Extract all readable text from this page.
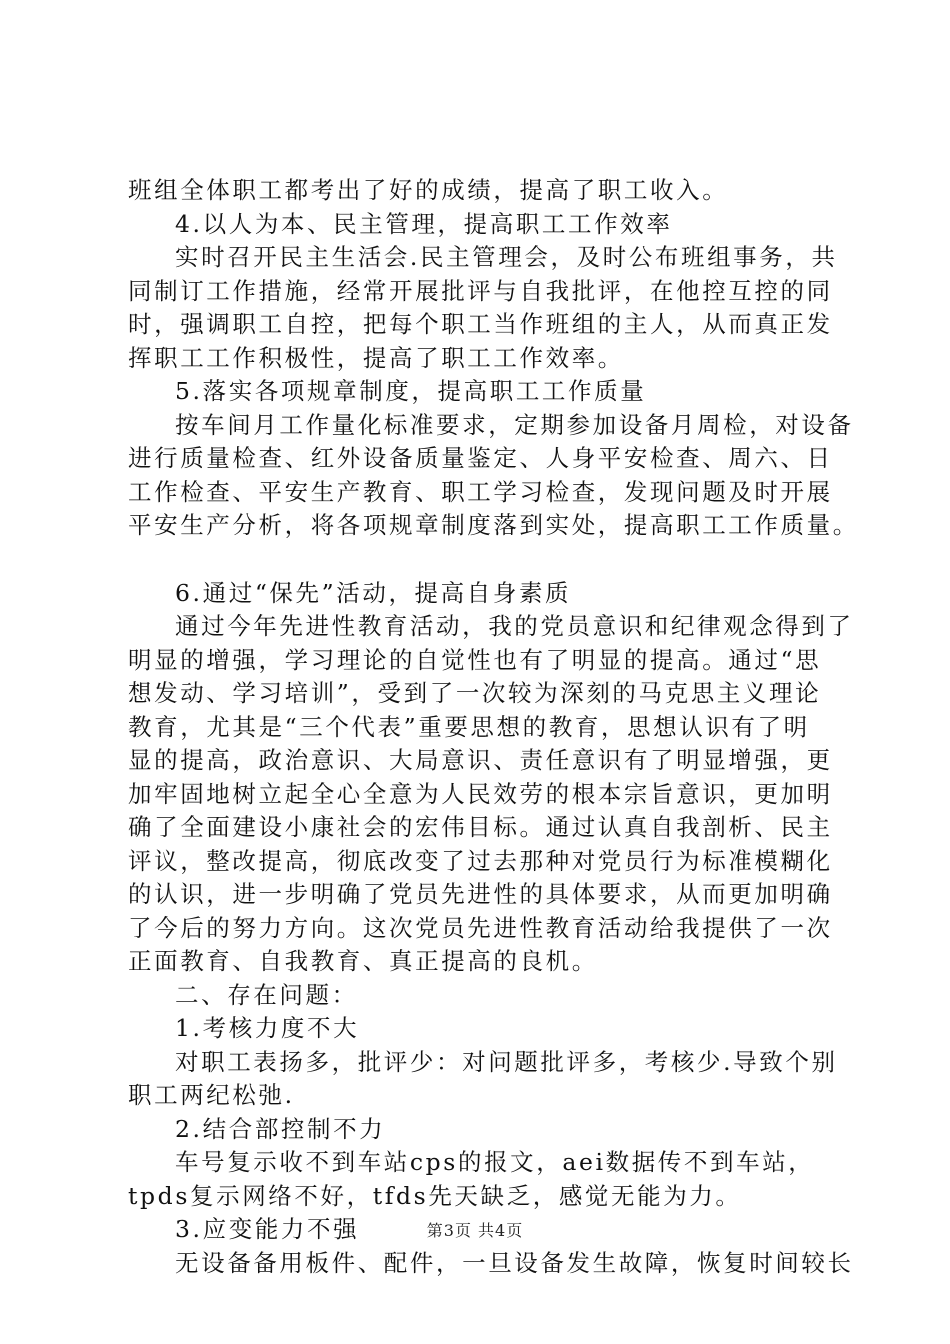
班组全体职工都考出了好的成绩，提高了职工收入。
4.以人为本、民主管理，提高职工工作效率
实时召开民主生活会.民主管理会，及时公布班组事务，共
同制订工作措施，经常开展批评与自我批评，在他控互控的同
时，强调职工自控，把每个职工当作班组的主人，从而真正发
挥职工工作积极性，提高了职工工作效率。
5.落实各项规章制度，提高职工工作质量
按车间月工作量化标准要求，定期参加设备月周检，对设备
进行质量检查、红外设备质量鉴定、人身平安检查、周六、日
工作检查、平安生产教育、职工学习检查，发现问题及时开展
平安生产分析，将各项规章制度落到实处，提高职工工作质量。
6.通过“保先”活动，提高自身素质
通过今年先进性教育活动，我的党员意识和纪律观念得到了
明显的增强，学习理论的自觉性也有了明显的提高。通过“思
想发动、学习培训”，受到了一次较为深刻的马克思主义理论
教育，尤其是“三个代表”重要思想的教育，思想认识有了明
显的提高，政治意识、大局意识、责任意识有了明显增强，更
加牢固地树立起全心全意为人民效劳的根本宗旨意识，更加明
确了全面建设小康社会的宏伟目标。通过认真自我剖析、民主
评议，整改提高，彻底改变了过去那种对党员行为标准模糊化
的认识，进一步明确了党员先进性的具体要求，从而更加明确
了今后的努力方向。这次党员先进性教育活动给我提供了一次
正面教育、自我教育、真正提高的良机。
二、存在问题：
1.考核力度不大
对职工表扬多，批评少：对问题批评多，考核少.导致个别
职工两纪松弛.
2.结合部控制不力
车号复示收不到车站cps的报文，aei数据传不到车站，
tpds复示网络不好，tfds先天缺乏，感觉无能为力。
3.应变能力不强
无设备备用板件、配件，一旦设备发生故障，恢复时间较长
第3页 共4页
